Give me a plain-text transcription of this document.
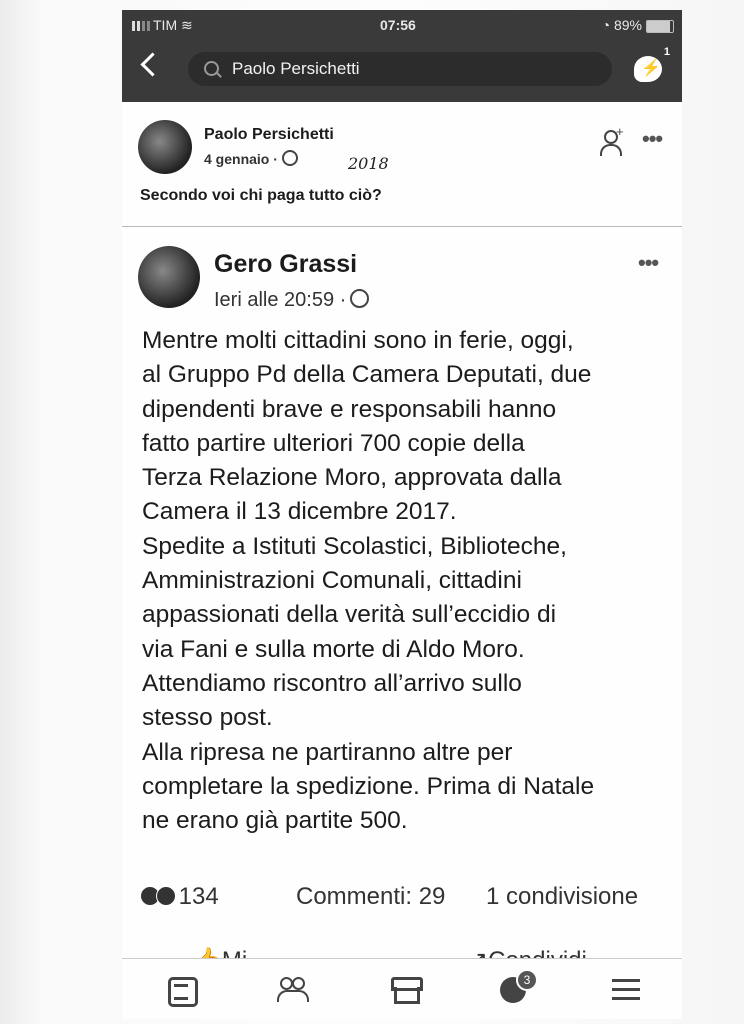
TIM ≋	07:56	◔ 89%
Paolo Persichetti	⚡
1
Paolo Persichetti
4 gennaio ·	2018
+ •••
Secondo voi chi paga tutto ciò?
Gero Grassi
Ieri alle 20:59 ·
•••

Mentre molti cittadini sono in ferie, oggi,

al Gruppo Pd della Camera Deputati, due

dipendenti brave e responsabili hanno

fatto partire ulteriori 700 copie della

Terza Relazione Moro, approvata dalla

Camera il 13 dicembre 2017.

Spedite a Istituti Scolastici, Biblioteche,

Amministrazioni Comunali, cittadini

appassionati della verità sull’eccidio di

via Fani e sulla morte di Aldo Moro.

Attendiamo riscontro all’arrivo sullo

stesso post.

Alla ripresa ne partiranno altre per

completare la spedizione. Prima di Natale

ne erano già partite 500.

134	Commenti: 29 1 condivisione
3
